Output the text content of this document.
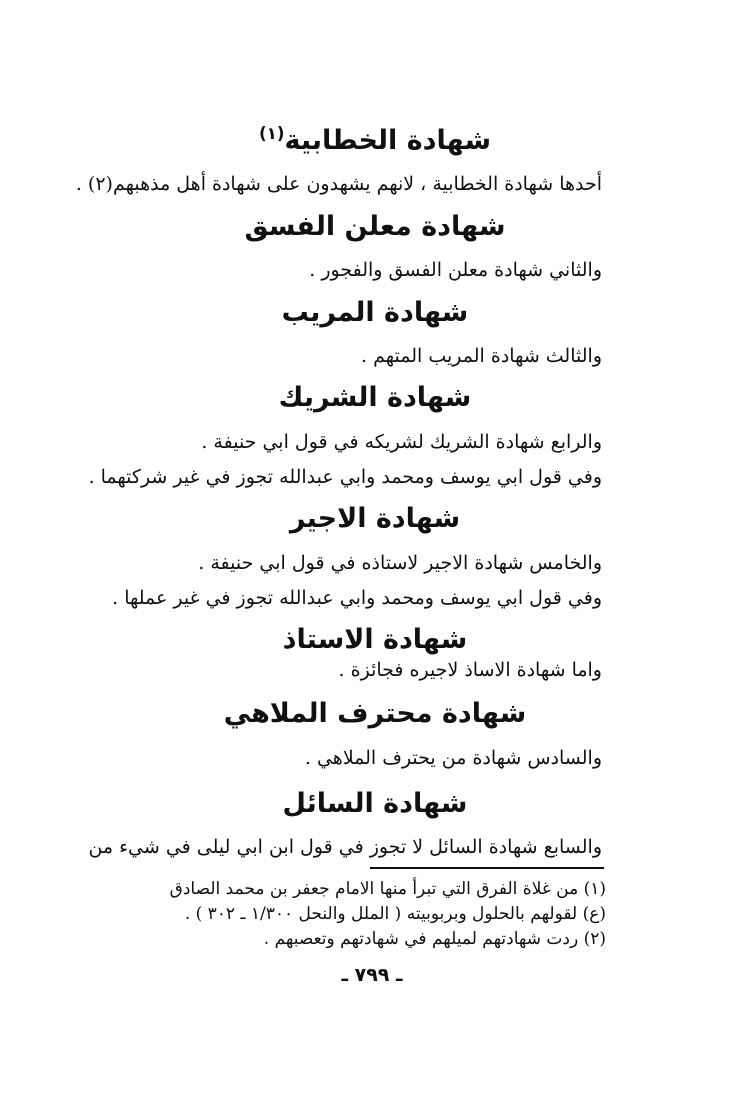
شهادة الخطابية$^{(١)}$
أحدها شهادة الخطابية ، لانهم يشهدون على شهادة أهل مذهبهم(٢) .
شهادة معلن الفسق
والثاني شهادة معلن الفسق والفجور .
شهادة المريب
والثالث شهادة المريب المتهم .
شهادة الشريك
والرابع شهادة الشريك لشريكه في قول ابي حنيفة .
وفي قول ابي يوسف ومحمد وابي عبدالله تجوز في غير شركتهما .
شهادة الاجير
والخامس شهادة الاجير لاستاذه في قول ابي حنيفة .
وفي قول ابي يوسف ومحمد وابي عبدالله تجوز في غير عملها .
شهادة الاستاذ
واما شهادة الاساذ لاجيره فجائزة .
شهادة محترف الملاهي
والسادس شهادة من يحترف الملاهي .
شهادة السائل
والسابع شهادة السائل لا تجوز في قول ابن ابي ليلى في شيء من
(١) من غلاة الفرق التي تبرأ منها الامام جعفر بن محمد الصادق
(ع) لقولهم بالحلول وبربوبيته ( الملل والنحل ١/٣٠٠ ـ ٣٠٢ ) .
(٢) ردت شهادتهم لميلهم في شهادتهم وتعصبهم .
ـ ٧٩٩ ـ
